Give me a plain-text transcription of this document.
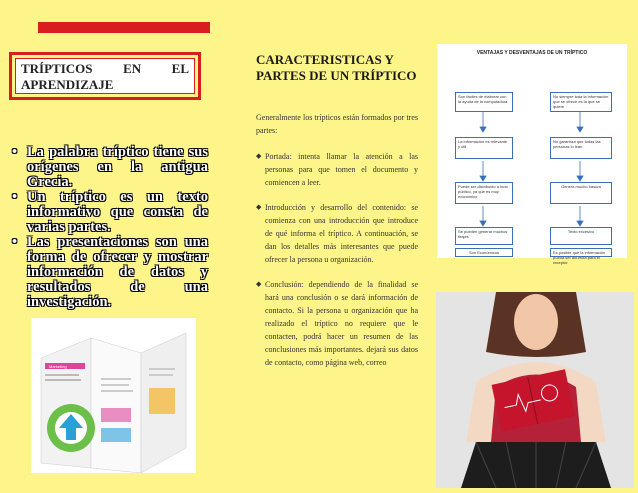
TRÍPTICOS EN EL
APRENDIZAJE
• La palabra tríptico tiene sus orígenes en la antigua Grecia.
• Un tríptico es un texto informativo que consta de varias partes.
• Las presentaciones son una forma de ofrecer y mostrar información de datos y resultados de una investigación.
Marketing
CARACTERISTICAS Y PARTES DE UN TRÍPTICO
Generalmente los trípticos están formados por tres partes:
◆ Portada: intenta llamar la atención a las personas para que tomen el documento y comiencen a leer.
◆ Introducción y desarrollo del contenido: se comienza con una introducción que introduce de qué informa el tríptico. A continuación, se dan los detalles más interesantes que puede ofrecer la persona u organización.
◆ Conclusión: dependiendo de la finalidad se hará una conclusión o se dará información de contacto. Si la persona u organización que ha realizado el tríptico no requiere que le contacten, podrá hacer un resumen de las conclusiones más importantes. dejará sus datos de contacto, como página web, correo
VENTAJAS Y DESVENTAJAS DE UN TRÍPTICO
Son fáciles de elaborar con la ayuda de la computadora
La información es relevante y útil
Puede ser distribuido a todo público, ya que es muy económico
Se pueden generar muchos tirajes
Son Económicos
No siempre toda la información que se ofrece es la que se quiere
No garantiza que todas las personas lo lean
Genera mucho basura
Texto excesivo
Es posible que la información pueda ser aburrida para el receptor
